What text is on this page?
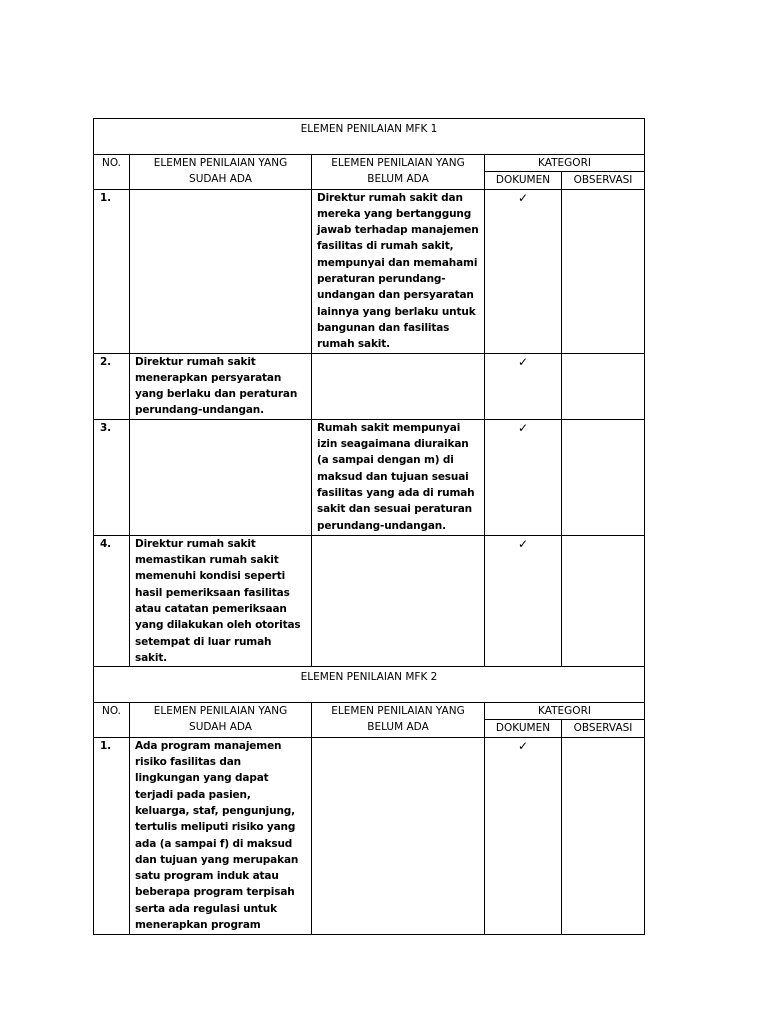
ELEMEN PENILAIAN MFK 1				
NO.	ELEMEN PENILAIAN YANG SUDAH ADA	ELEMEN PENILAIAN YANG BELUM ADA	KATEGORI	
			DOKUMEN	OBSERVASI
1.		Direktur rumah sakit dan mereka yang bertanggung jawab terhadap manajemen fasilitas di rumah sakit, mempunyai dan memahami peraturan perundang-undangan dan persyaratan lainnya yang berlaku untuk bangunan dan fasilitas rumah sakit.	✓	
2.	Direktur rumah sakit menerapkan persyaratan yang berlaku dan peraturan perundang-undangan.		✓	
3.		Rumah sakit mempunyai izin seagaimana diuraikan (a sampai dengan m) di maksud dan tujuan sesuai fasilitas yang ada di rumah sakit dan sesuai peraturan perundang-undangan.	✓	
4.	Direktur rumah sakit memastikan rumah sakit memenuhi kondisi seperti hasil pemeriksaan fasilitas atau catatan pemeriksaan yang dilakukan oleh otoritas setempat di luar rumah sakit.		✓	
ELEMEN PENILAIAN MFK 2				
NO.	ELEMEN PENILAIAN YANG SUDAH ADA	ELEMEN PENILAIAN YANG BELUM ADA	KATEGORI	
			DOKUMEN	OBSERVASI
1.	Ada program manajemen risiko fasilitas dan lingkungan yang dapat terjadi pada pasien, keluarga, staf, pengunjung, tertulis meliputi risiko yang ada (a sampai f) di maksud dan tujuan yang merupakan satu program induk atau beberapa program terpisah serta ada regulasi untuk menerapkan program		✓	
